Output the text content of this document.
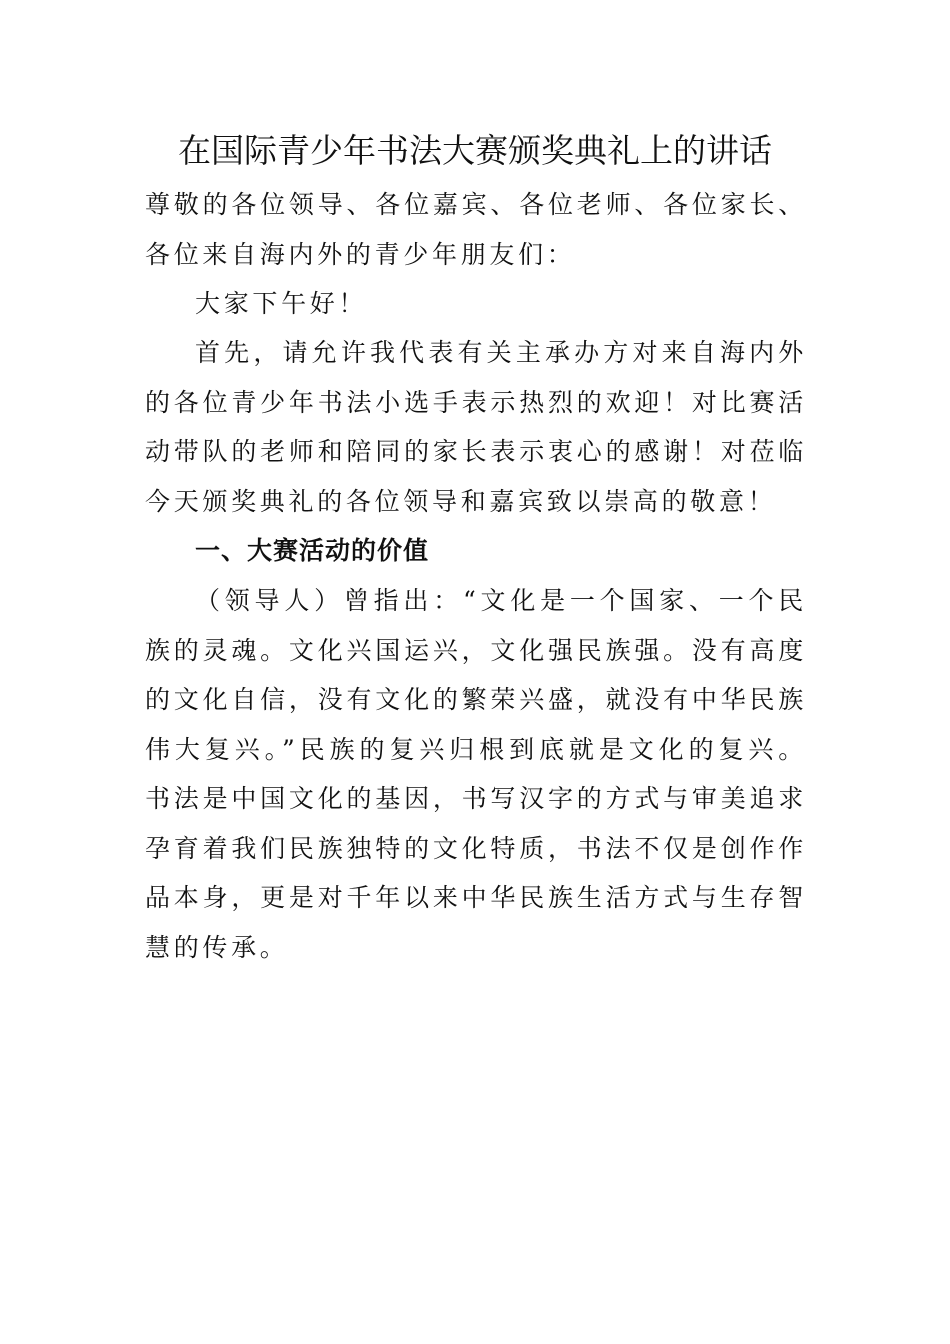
在国际青少年书法大赛颁奖典礼上的讲话

尊敬的各位领导、各位嘉宾、各位老师、各位家长、各位来自海内外的青少年朋友们：

大家下午好！

首先，请允许我代表有关主承办方对来自海内外的各位青少年书法小选手表示热烈的欢迎！对比赛活动带队的老师和陪同的家长表示衷心的感谢！对莅临今天颁奖典礼的各位领导和嘉宾致以崇高的敬意！

一、大赛活动的价值

（领导人）曾指出：“文化是一个国家、一个民族的灵魂。文化兴国运兴，文化强民族强。没有高度的文化自信，没有文化的繁荣兴盛，就没有中华民族伟大复兴。”民族的复兴归根到底就是文化的复兴。书法是中国文化的基因，书写汉字的方式与审美追求孕育着我们民族独特的文化特质，书法不仅是创作作品本身，更是对千年以来中华民族生活方式与生存智慧的传承。
